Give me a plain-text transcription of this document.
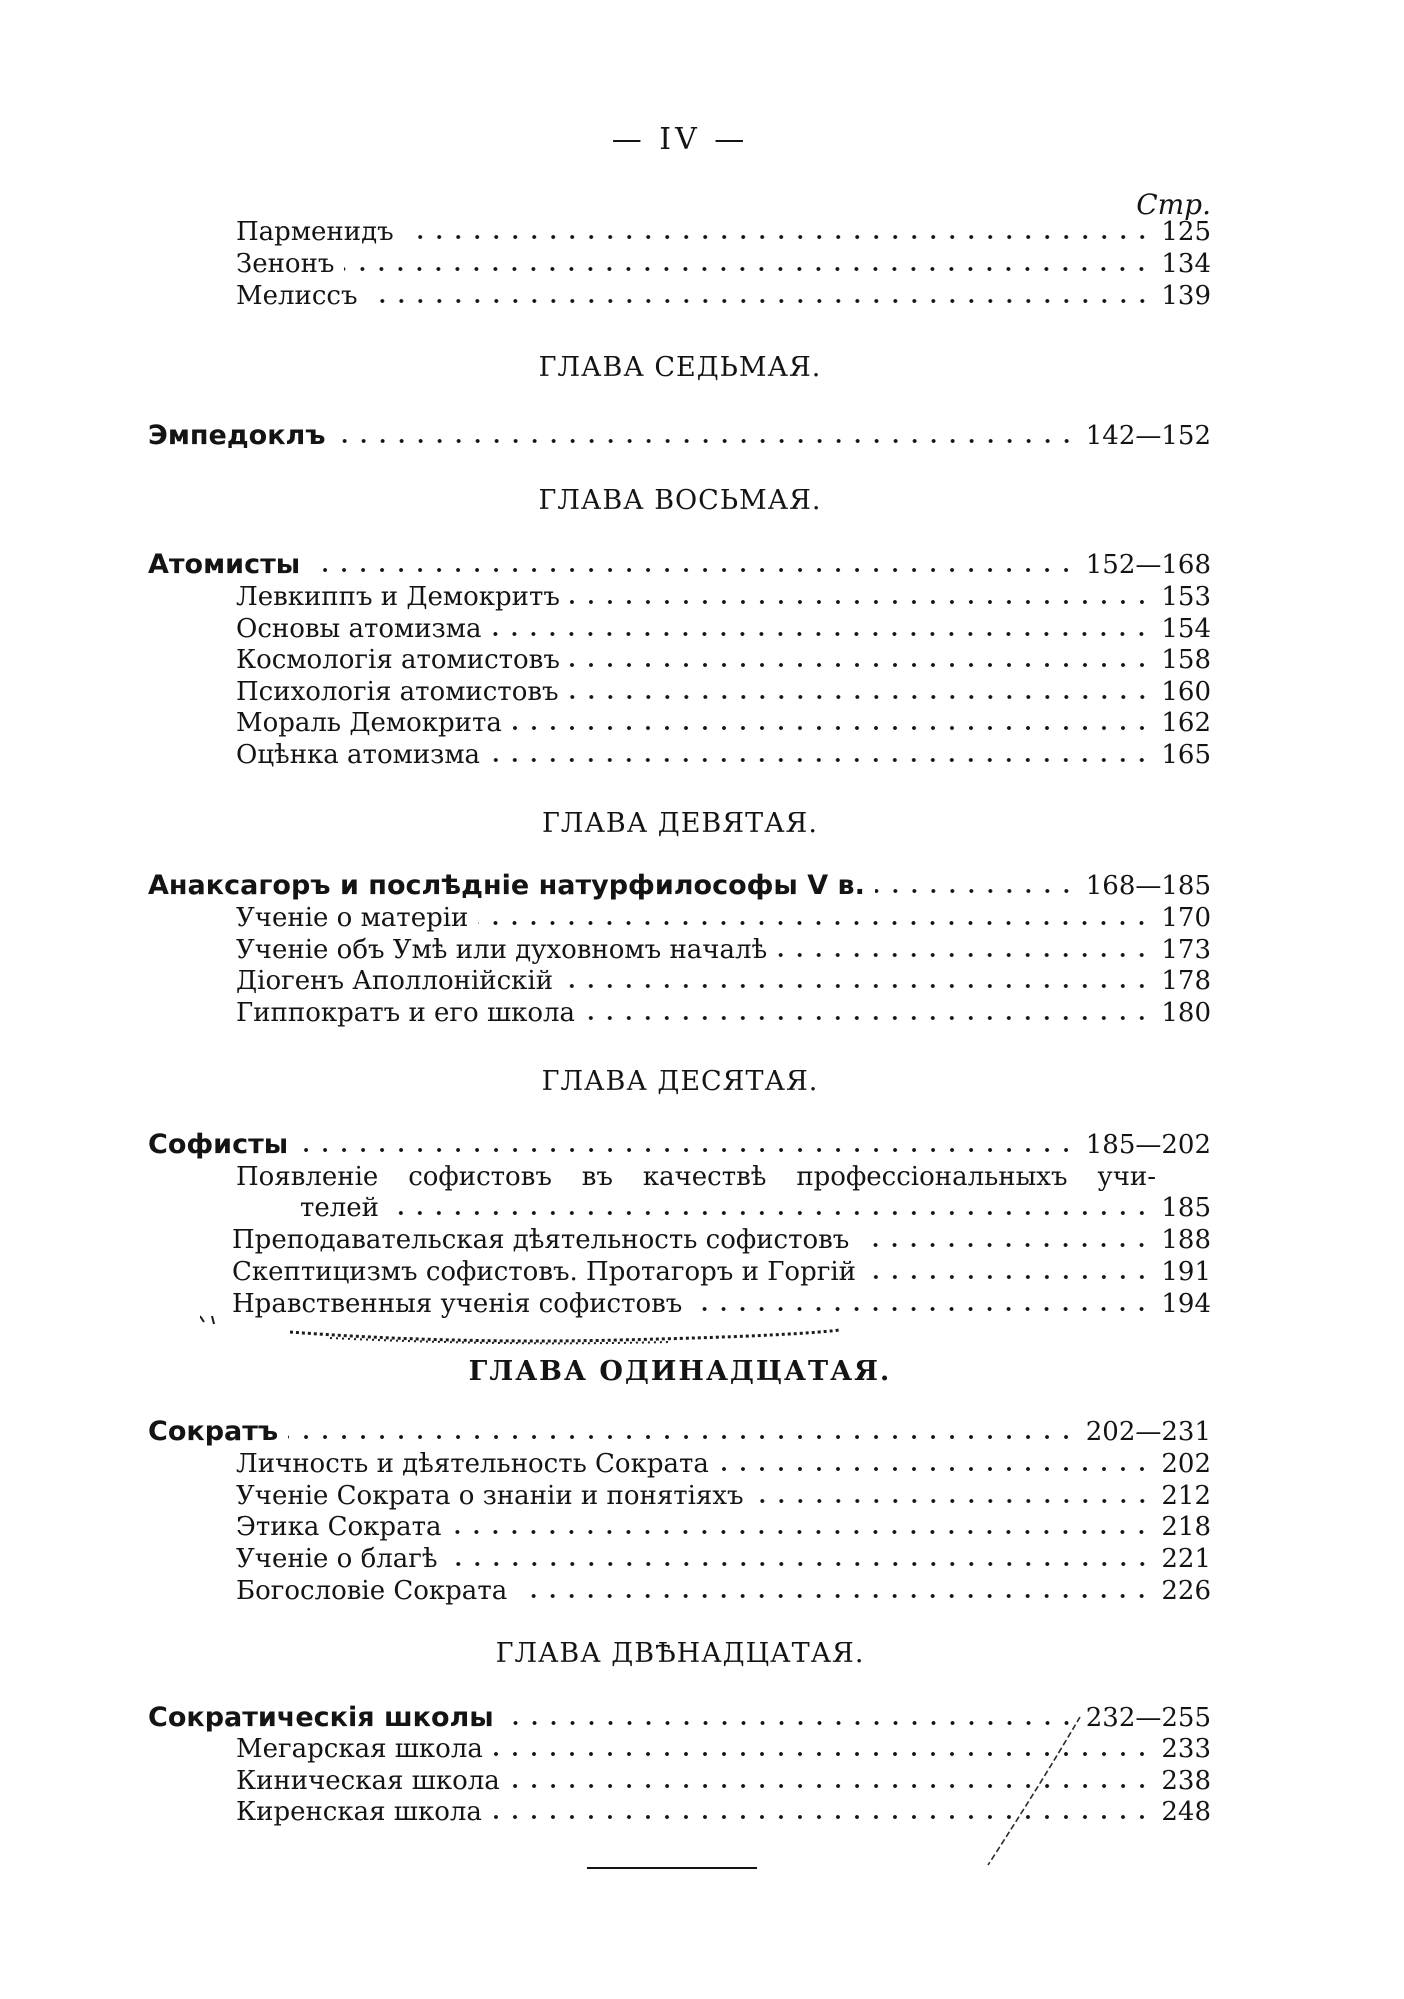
— IV —
Стр.
Парменидъ	125
Зенонъ	134
Мелиссъ	139
ГЛАВА СЕДЬМАЯ.
Эмпедоклъ	142—152
ГЛАВА ВОСЬМАЯ.
Атомисты	152—168
Левкиппъ и Демокритъ	153
Основы атомизма	154
Космологія атомистовъ	158
Психологія атомистовъ	160
Мораль Демокрита	162
Оцѣнка атомизма	165
ГЛАВА ДЕВЯТАЯ.
Анаксагоръ и послѣдніе натурфилософы V в.	168—185
Ученіе о матеріи	170
Ученіе объ Умѣ или духовномъ началѣ	173
Діогенъ Аполлонійскій	178
Гиппократъ и его школа	180
ГЛАВА ДЕСЯТАЯ.
Софисты	185—202
Появленіе софистовъ въ качествѣ профессіональныхъ учи-
телей	185
Преподавательская дѣятельность софистовъ	188
Скептицизмъ софистовъ. Протагоръ и Горгій	191
Нравственныя ученія софистовъ	194
ГЛАВА ОДИНАДЦАТАЯ.
Сократъ	202—231
Личность и дѣятельность Сократа	202
Ученіе Сократа о знаніи и понятіяхъ	212
Этика Сократа	218
Ученіе о благѣ	221
Богословіе Сократа	226
ГЛАВА ДВѢНАДЦАТАЯ.
Сократическія школы	232—255
Мегарская школа	233
Киническая школа	238
Киренская школа	248
